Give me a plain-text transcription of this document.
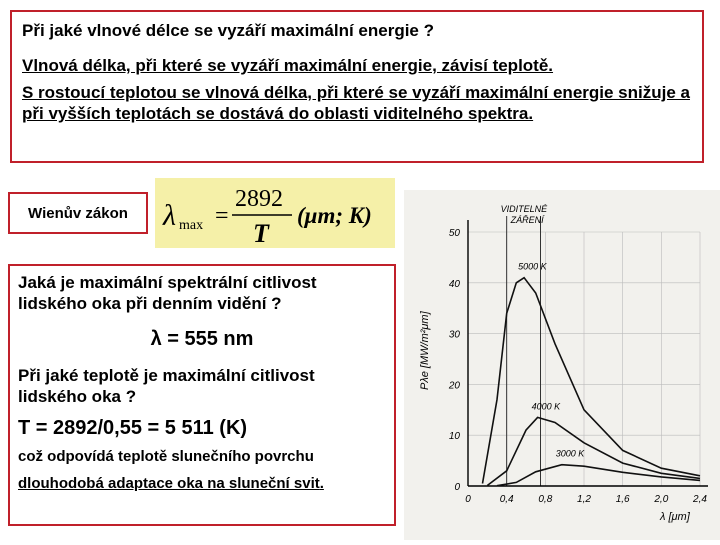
Při jaké vlnové délce se vyzáří maximální energie ?

Vlnová délka, při které se vyzáří maximální energie, závisí teplotě.

S rostoucí teplotou se vlnová délka, při které se vyzáří maximální energie snižuje a při vyšších teplotách se dostává do oblasti viditelného spektra.

Wienův zákon	λ max =
2892
T
(μm; K)

Jaká je maximální spektrální citlivost lidského oka při denním vidění ?

λ = 555 nm

Při jaké teplotě je maximální citlivost lidského oka ?

T = 2892/0,55 = 5 511 (K)

což odpovídá teplotě slunečního povrchu

dlouhodobá adaptace oka na sluneční svit.

0	0,4 0,8 1,2 1,6 2,0 2,4
0
10
20
30
40
50
VIDITELNÉ
ZÁŘENÍ
λ [μm]
Pλe [MW/m²μm]
5000 K
4000 K
3000 K
